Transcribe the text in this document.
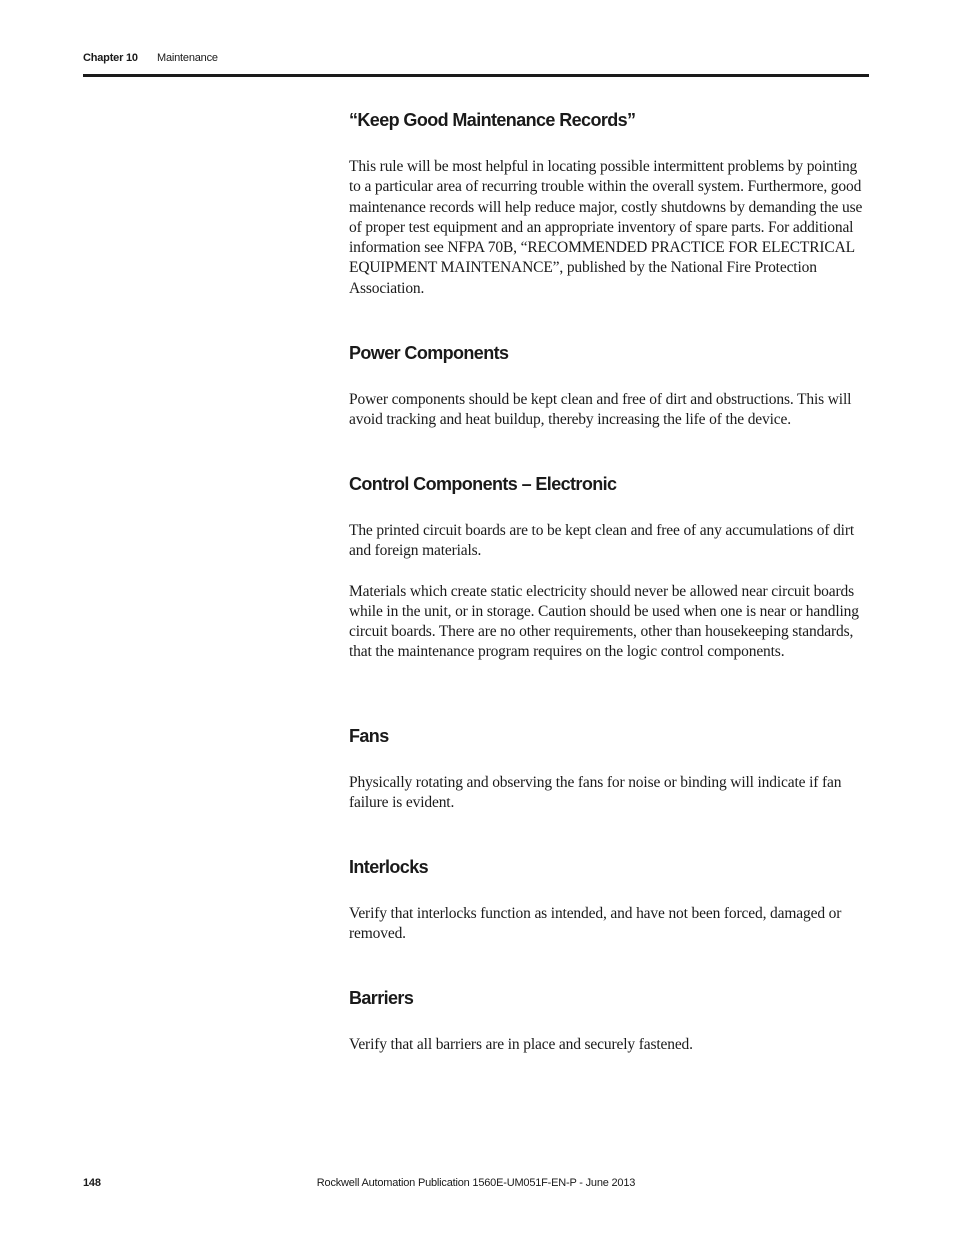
Chapter 10 Maintenance
“Keep Good Maintenance Records”

This rule will be most helpful in locating possible intermittent problems by pointing to a particular area of recurring trouble within the overall system. Furthermore, good maintenance records will help reduce major, costly shutdowns by demanding the use of proper test equipment and an appropriate inventory of spare parts. For additional information see NFPA 70B, “RECOMMENDED PRACTICE FOR ELECTRICAL EQUIPMENT MAINTENANCE”, published by the National Fire Protection Association.

Power Components

Power components should be kept clean and free of dirt and obstructions. This will avoid tracking and heat buildup, thereby increasing the life of the device.

Control Components – Electronic

The printed circuit boards are to be kept clean and free of any accumulations of dirt and foreign materials.

Materials which create static electricity should never be allowed near circuit boards while in the unit, or in storage. Caution should be used when one is near or handling circuit boards. There are no other requirements, other than housekeeping standards, that the maintenance program requires on the logic control components.

Fans

Physically rotating and observing the fans for noise or binding will indicate if fan failure is evident.

Interlocks

Verify that interlocks function as intended, and have not been forced, damaged or removed.

Barriers

Verify that all barriers are in place and securely fastened.

148	Rockwell Automation Publication 1560E-UM051F-EN-P - June 2013
